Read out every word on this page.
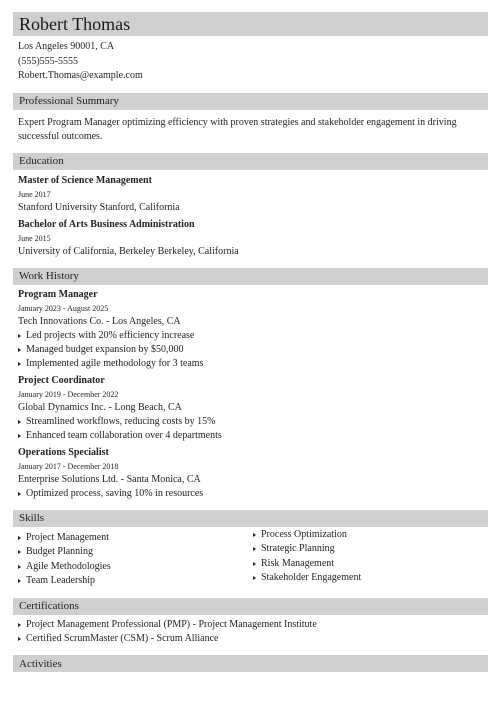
Robert Thomas
Los Angeles 90001, CA
(555)555-5555
Robert.Thomas@example.com
Professional Summary
Expert Program Manager optimizing efficiency with proven strategies and stakeholder engagement in driving successful outcomes.
Education
Master of Science Management
June 2017
Stanford University Stanford, California
Bachelor of Arts Business Administration
June 2015
University of California, Berkeley Berkeley, California
Work History
Program Manager
January 2023 - August 2025
Tech Innovations Co. - Los Angeles, CA
Led projects with 20% efficiency increase
Managed budget expansion by $50,000
Implemented agile methodology for 3 teams
Project Coordinator
January 2019 - December 2022
Global Dynamics Inc. - Long Beach, CA
Streamlined workflows, reducing costs by 15%
Enhanced team collaboration over 4 departments
Operations Specialist
January 2017 - December 2018
Enterprise Solutions Ltd. - Santa Monica, CA
Optimized process, saving 10% in resources
Skills
Project Management
Budget Planning
Agile Methodologies
Team Leadership
Process Optimization
Strategic Planning
Risk Management
Stakeholder Engagement
Certifications
Project Management Professional (PMP) - Project Management Institute
Certified ScrumMaster (CSM) - Scrum Alliance
Activities
